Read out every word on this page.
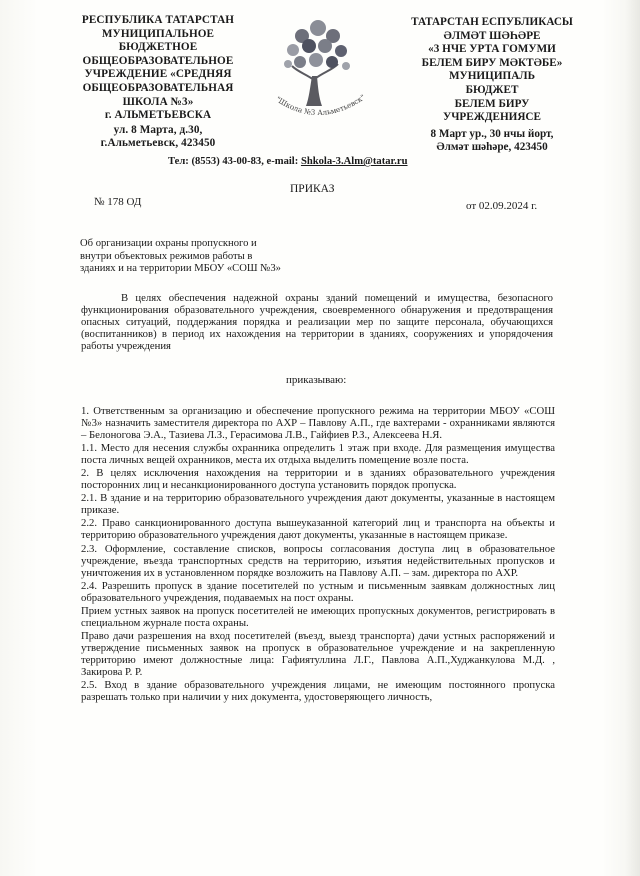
РЕСПУБЛИКА ТАТАРСТАН
МУНИЦИПАЛЬНОЕ
БЮДЖЕТНОЕ
ОБЩЕОБРАЗОВАТЕЛЬНОЕ
УЧРЕЖДЕНИЕ «СРЕДНЯЯ
ОБЩЕОБРАЗОВАТЕЛЬНАЯ
ШКОЛА №3»
г. АЛЬМЕТЬЕВСКА
ул. 8 Марта, д.30,
г.Альметьевск, 423450
"Школа №3 Альметьевск"
ТАТАРСТАН ЕСПУБЛИКАСЫ
ӘЛМӘТ ШӘҺӘРЕ
«3 НЧЕ УРТА ГОМУМИ
БЕЛЕМ БИРУ МӘКТӘБЕ»
МУНИЦИПАЛЬ
БЮДЖЕТ
БЕЛЕМ БИРУ
УЧРЕЖДЕНИЯСЕ
8 Март ур., 30 нчы йорт,
Әлмәт шәһәре, 423450
Тел: (8553) 43-00-83, e-mail: Shkola-3.Alm@tatar.ru
ПРИКАЗ
№ 178 ОД	от 02.09.2024 г.
Об организации охраны пропускного и
внутри объектовых режимов работы в
зданиях и на территории МБОУ «СОШ №3»

В целях обеспечения надежной охраны зданий помещений и имущества, безопасного функционирования образовательного учреждения, своевременного обнаружения и предотвращения опасных ситуаций, поддержания порядка и реализации мер по защите персонала, обучающихся (воспитанников) в период их нахождения на территории в зданиях, сооружениях и упорядочения работы учреждения

приказываю:

1. Ответственным за организацию и обеспечение пропускного режима на территории МБОУ «СОШ №3» назначить заместителя директора по АХР – Павлову А.П., где вахтерами - охранниками являются – Белоногова Э.А., Тазиева Л.З., Герасимова Л.В., Гайфиев Р.З., Алексеева Н.Я.

1.1. Место для несения службы охранника определить 1 этаж при входе. Для размещения имущества поста личных вещей охранников, места их отдыха выделить помещение возле поста.

2. В целях исключения нахождения на территории и в зданиях образовательного учреждения посторонних лиц и несанкционированного доступа установить порядок пропуска.

2.1. В здание и на территорию образовательного учреждения дают документы, указанные в настоящем приказе.

2.2. Право санкционированного доступа вышеуказанной категорий лиц и транспорта на объекты и территорию образовательного учреждения дают документы, указанные в настоящем приказе.

2.3. Оформление, составление списков, вопросы согласования доступа лиц в образовательное учреждение, въезда транспортных средств на территорию, изъятия недействительных пропусков и уничтожения их в установленном порядке возложить на Павлову А.П. – зам. директора по АХР.

2.4. Разрешить пропуск в здание посетителей по устным и письменным заявкам должностных лиц образовательного учреждения, подаваемых на пост охраны.

Прием устных заявок на пропуск посетителей не имеющих пропускных документов, регистрировать в специальном журнале поста охраны.

Право дачи разрешения на вход посетителей (въезд, выезд транспорта) дачи устных распоряжений и утверждение письменных заявок на пропуск в образовательное учреждение и на закрепленную территорию имеют должностные лица: Гафиятуллина Л.Г., Павлова А.П.,Худжанкулова М.Д. , Закирова Р. Р.

2.5. Вход в здание образовательного учреждения лицами, не имеющим постоянного пропуска разрешать только при наличии у них документа, удостоверяющего личность,
